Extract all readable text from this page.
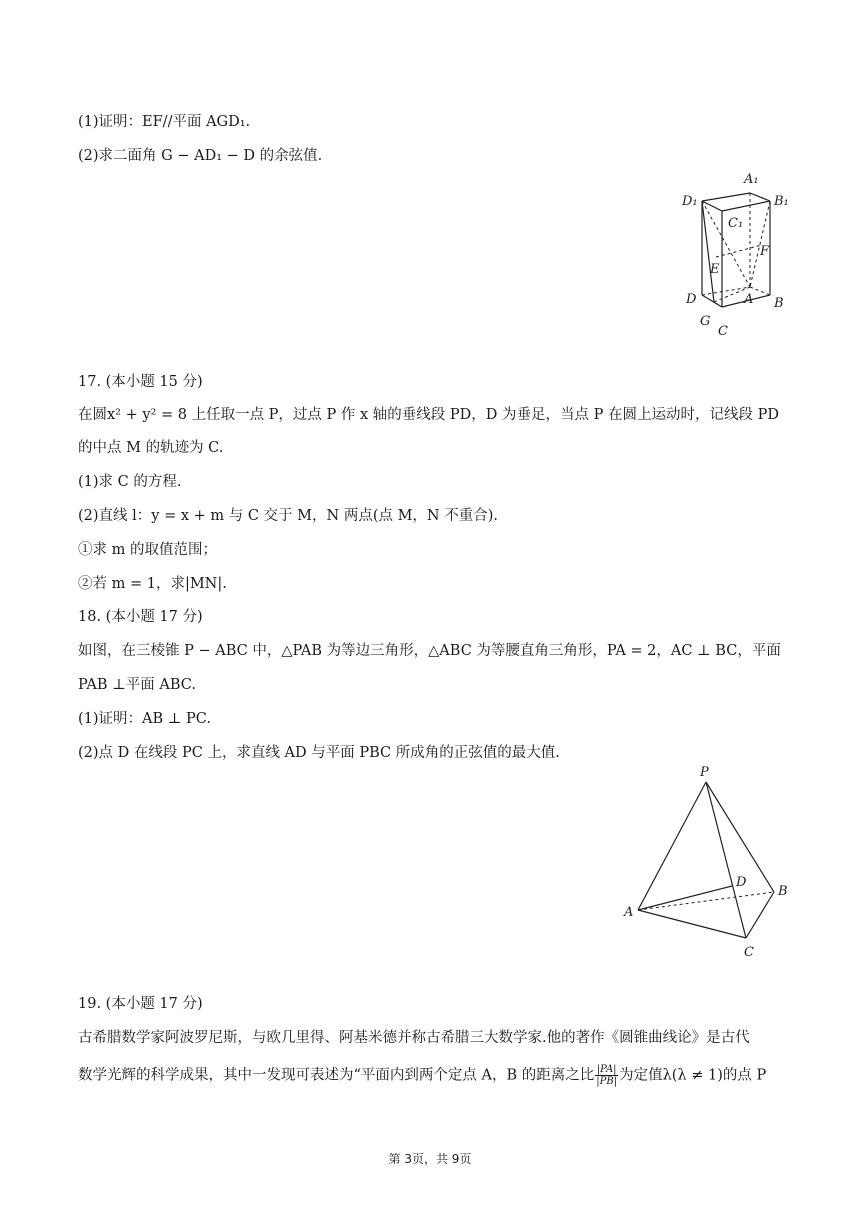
(1)证明：EF//平面 AGD₁.
(2)求二面角 G − AD₁ − D 的余弦值.
A₁
B₁
D₁
C₁
F
E
D	A B
G
C
17. (本小题 15 分)
在圆x² + y² = 8 上任取一点 P，过点 P 作 x 轴的垂线段 PD，D 为垂足，当点 P 在圆上运动时，记线段 PD
的中点 M 的轨迹为 C.
(1)求 C 的方程.
(2)直线 l：y = x + m 与 C 交于 M，N 两点(点 M，N 不重合).
①求 m 的取值范围；
②若 m = 1，求|MN|.
18. (本小题 17 分)
如图，在三棱锥 P − ABC 中，△PAB 为等边三角形，△ABC 为等腰直角三角形，PA = 2，AC ⊥ BC，平面
PAB ⊥平面 ABC.
(1)证明：AB ⊥ PC.
(2)点 D 在线段 PC 上，求直线 AD 与平面 PBC 所成角的正弦值的最大值.
P
D
B
A
C
19. (本小题 17 分)
古希腊数学家阿波罗尼斯，与欧几里得、阿基米德并称古希腊三大数学家.他的著作《圆锥曲线论》是古代
数学光辉的科学成果，其中一发现可表述为“平面内到两个定点 A，B 的距离之比 $\frac{|PA|}{|PB|}$ 为定值λ(λ ≠ 1)的点 P
第 3页，共 9页
